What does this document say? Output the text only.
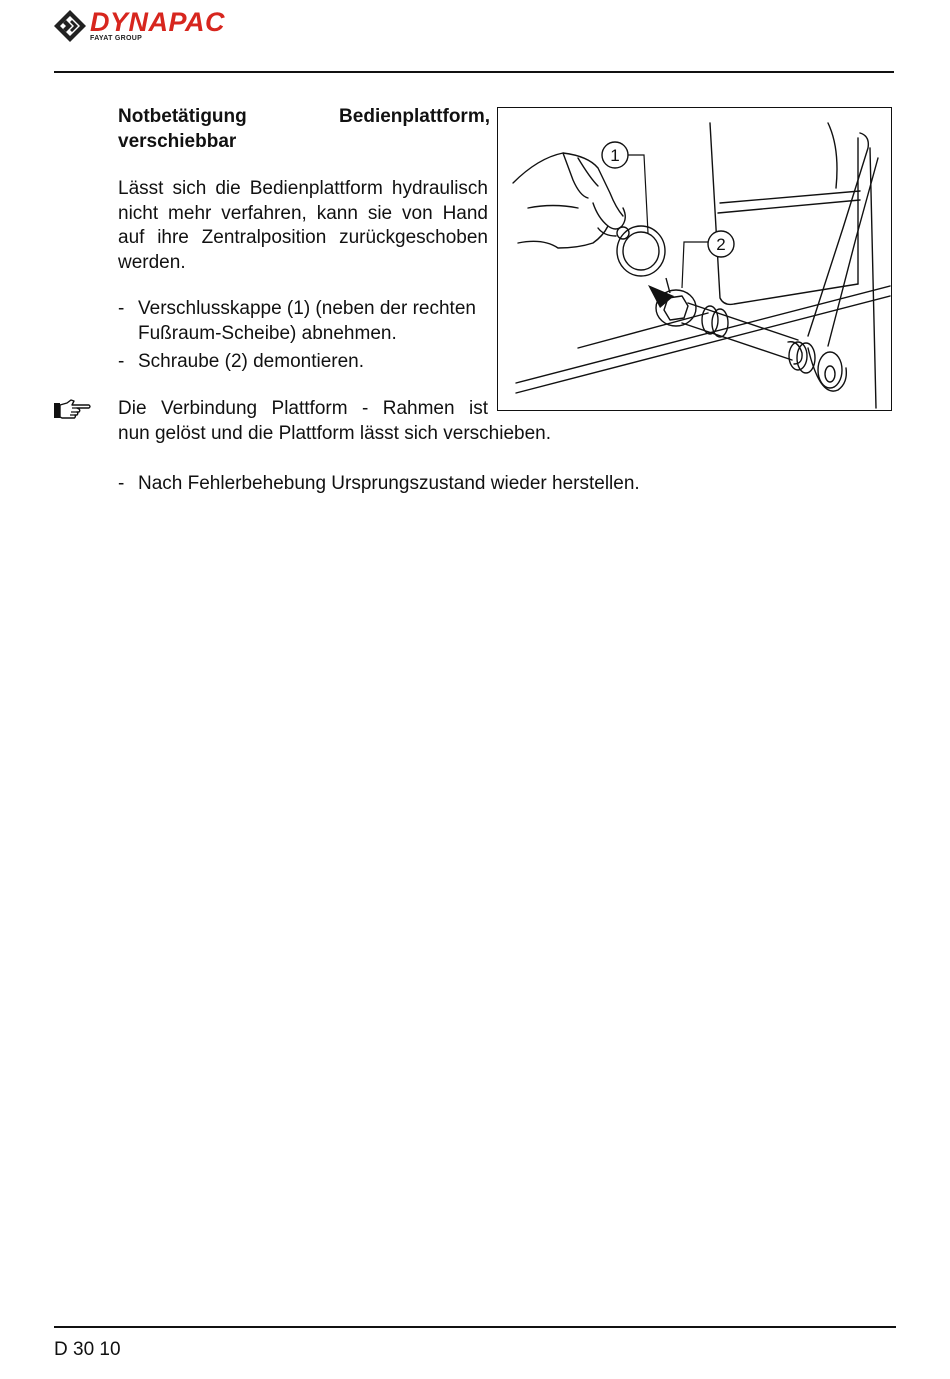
DYNAPAC
FAYAT GROUP
Notbetätigung Bedienplattform, verschiebbar

Lässt sich die Bedienplattform hydraulisch nicht mehr verfahren, kann sie von Hand auf ihre Zentralposition zurückgeschoben werden.

- Verschlusskappe (1) (neben der rechten Fußraum-Scheibe) abnehmen.
- Schraube (2) demontieren.

Die Verbindung Plattform - Rahmen ist
nun gelöst und die Plattform lässt sich verschieben.

- Nach Fehlerbehebung Ursprungszustand wieder herstellen.

1
2

D 30 10
